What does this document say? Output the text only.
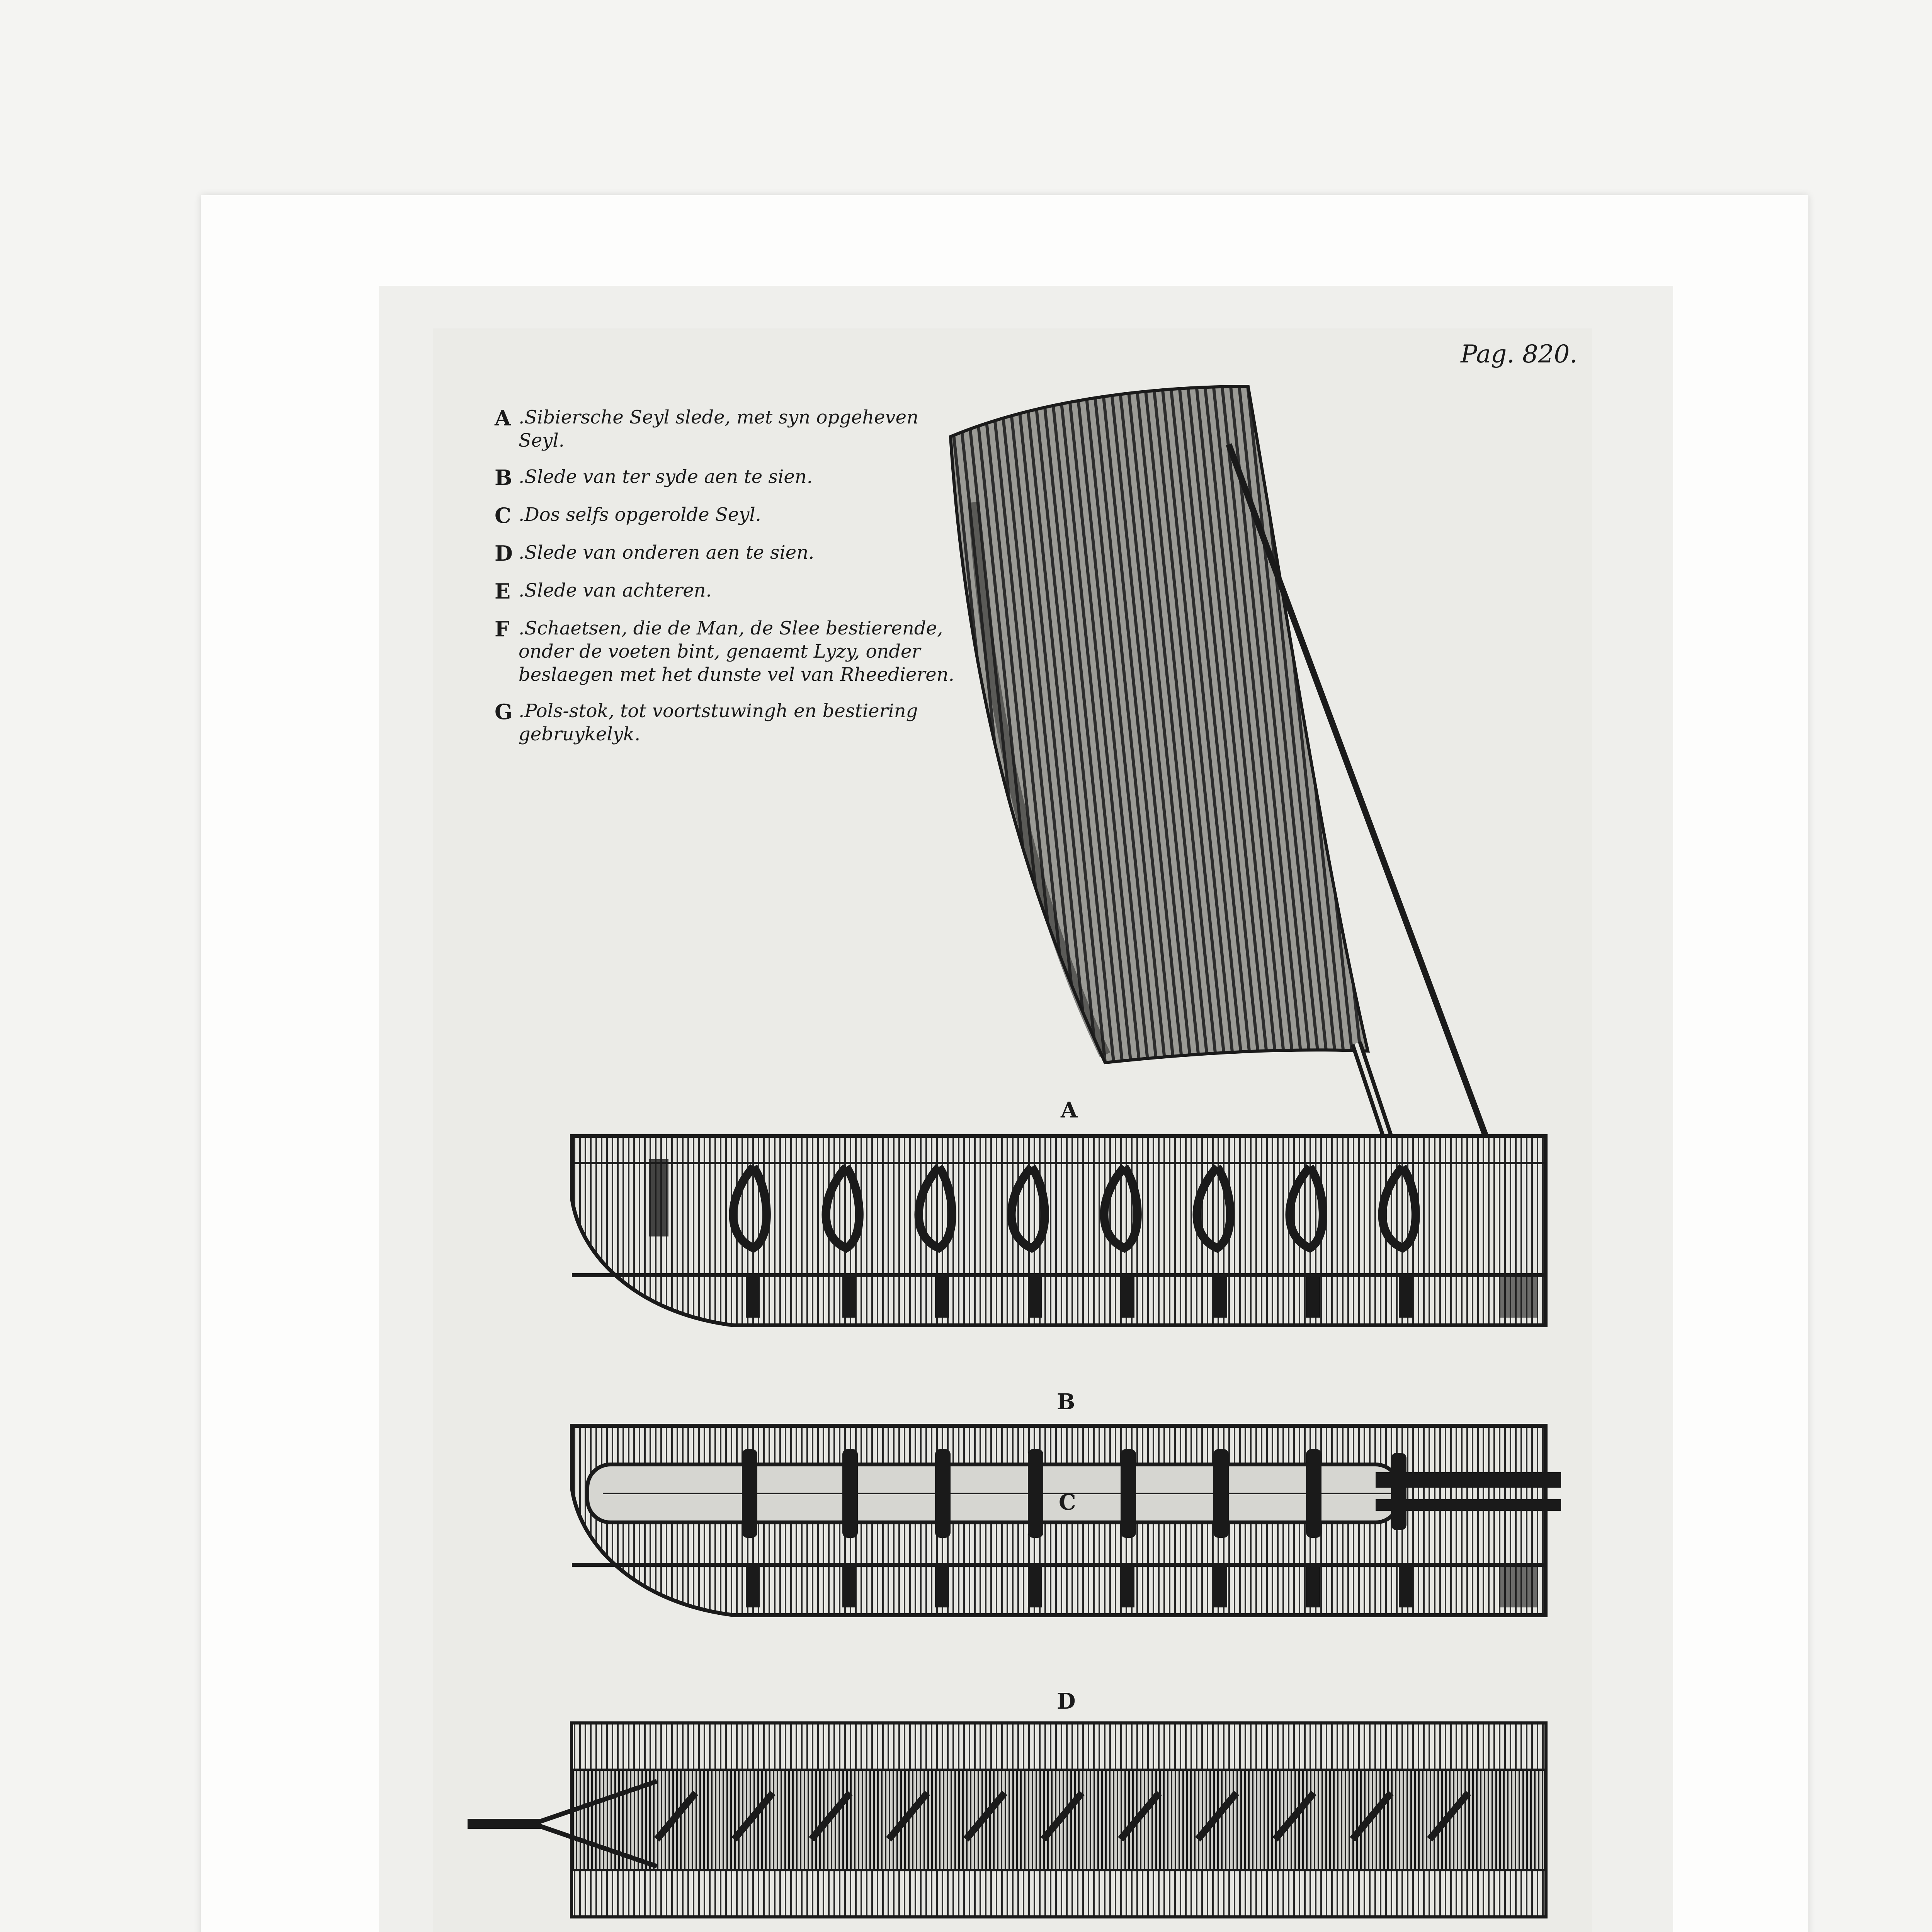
Pag. 820.
A .Sibiersche Seyl slede, met syn opgeheven Seyl.
B .Slede van ter syde aen te sien.
C .Dos selfs opgerolde Seyl.
D .Slede van onderen aen te sien.
E .Slede van achteren.
F .Schaetsen, die de Man, de Slee bestierende, onder de voeten bint, genaemt Lyzy, onder beslaegen met het dunste vel van Rheedieren.
G .Pols-stok, tot voortstuwingh en bestiering gebruykelyk.
A
B
C
D
